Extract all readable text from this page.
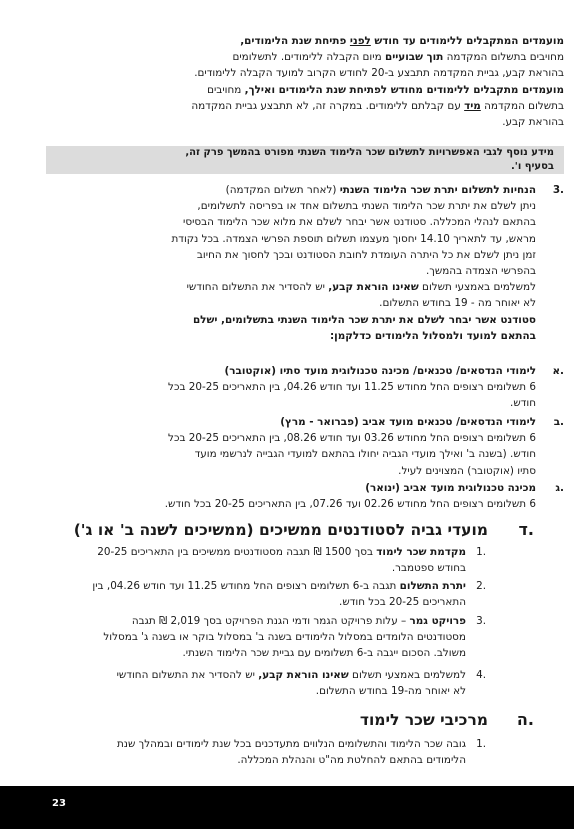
מועמדים המתקבלים ללימודים עד חודש לפני פתיחת שנת הלימודים,
מחויבים בתשלום המקדמה תוך שבועיים מיום הקבלה ללימודים. לתשלומים
בהוראת קבע, גביית המקדמה תתבצע ב-20 לחודש הקרוב למועד הקבלה ללימודים.
מועמדים מתקבלים ללימודים מחודש לפתיחת שנת הלימודים ואילך, מחויבים
בתשלום המקדמה מיד עם קבלתם ללימודים. במקרה זה, לא תתבצע גביית המקדמה
בהוראת קבע.
מידע נוסף לגבי האפשרויות לתשלום שכר הלימוד השנתי מפורט בהמשך פרק זה,
בסעיף ו'.
3.
הנחיות לתשלום יתרת שכר הלימוד השנתי (לאחר תשלום המקדמה)
ניתן לשלם את יתרת שכר הלימוד השנתי בתשלום אחד או בפריסה לתשלומים,
בהתאם לנהלי המכללה. סטודנט אשר יבחר לשלם את מלוא שכר הלימוד הבסיסי
מראש, עד לתאריך 14.10 יחסוך מעצמו תשלום תוספת הפרשי הצמדה. בכל נקודת
זמן ניתן לשלם את כל היתרה העומדת לחובת הסטודנט ובכך לחסוך את החיוב
בהפרשי הצמדה בהמשך.
למשלמים באמצעי תשלום שאינו הוראת קבע, יש להסדיר את התשלום החודשי
לא יאוחר מה - 19 בחודש התשלום.
סטודנט אשר יבחר לשלם את יתרת שכר הלימוד השנתי בתשלומים, ישלם
בהתאם למועד ולמסלול הלימודים כדלקמן:
א.
לימודי הנדסאים/ טכנאים/ מכינה טכנולוגית מועד סתיו (אוקטובר)
6 תשלומים רצופים החל מחודש 11.25 ועד חודש 04.26, בין התאריכים 20-25 בכל
חודש.
ב.
לימודי הנדסאים/ טכנאים מועד אביב (פברואר - מרץ)
6 תשלומים רצופים החל מחודש 03.26 ועד חודש 08.26, בין התאריכים 20-25 בכל
חודש. (בשנה ב' ואילך מועדי הגביה יחולו בהתאם למועדי הגבייה לנרשמי מועד
סתיו (אוקטובר) המצוינים לעיל.
ג.
מכינה טכנולוגית מועד אביב (ינואר)
6 תשלומים רצופים החל מחודש 02.26 ועד 07.26, בין התאריכים 20-25 בכל חודש.
ד.
מועדי גביה לסטודנטים ממשיכים (ממשיכים לשנה ב' או ג')
1.
מקדמת שכר לימוד בסך 1500 ₪ תגבה מסטודנטים ממשיכים בין התאריכים 20-25
בחודש ספטמבר.
2.
יתרת התשלום תגבה ב-6 תשלומים רצופים החל מחודש 11.25 ועד חודש 04.26, בין
התאריכים 20-25 בכל חודש.
3.
פרויקט גמר – עלות פרויקט הגמר ודמי הגנת הפרויקט בסך 2,019 ₪ תגבה
מסטודנטים הלומדים במסלול הלימודים בשנה ב' במסלול בוקר או בשנה ג' במסלול
משולב. הסכום ייגבה ב-6 תשלומים עם גביית שכר הלימוד השנתי.
4.
למשלמים באמצעי תשלום שאינו הוראת קבע, יש להסדיר את התשלום החודשי
לא יאוחר מה-19 בחודש התשלום.
ה.
מרכיבי שכר לימוד
1.
גובה שכר הלימוד והתשלומים הנלווים מתעדכנים בכל שנת לימודים ובמהלך שנת
הלימודים בהתאם להחלטת מה"ט והנהלת המכללה.
23
